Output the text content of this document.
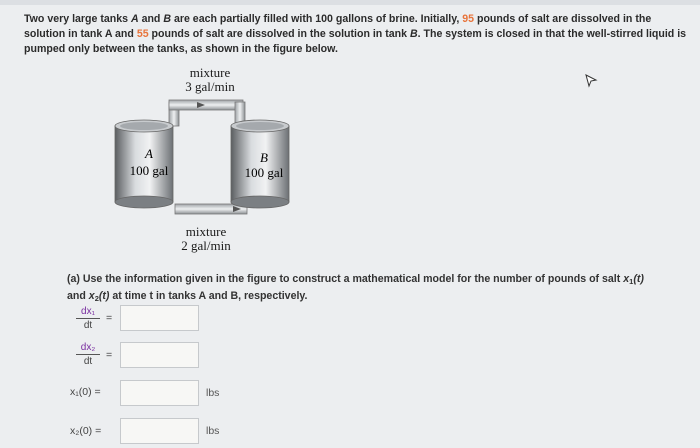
Two very large tanks A and B are each partially filled with 100 gallons of brine. Initially, 95 pounds of salt are dissolved in the solution in tank A and 55 pounds of salt are dissolved in the solution in tank B. The system is closed in that the well-stirred liquid is pumped only between the tanks, as shown in the figure below.
A
100 gal
B
100 gal
mixture
3 gal/min
mixture
2 gal/min
(a) Use the information given in the figure to construct a mathematical model for the number of pounds of salt $x_1(t)$
and $x_2(t)$ at time t in tanks A and B, respectively.
$\frac{\text{dx₁}}{dt}$ =
$\frac{\text{dx₂}}{dt}$ =
x₁(0) =	lbs
x₂(0) =	lbs
